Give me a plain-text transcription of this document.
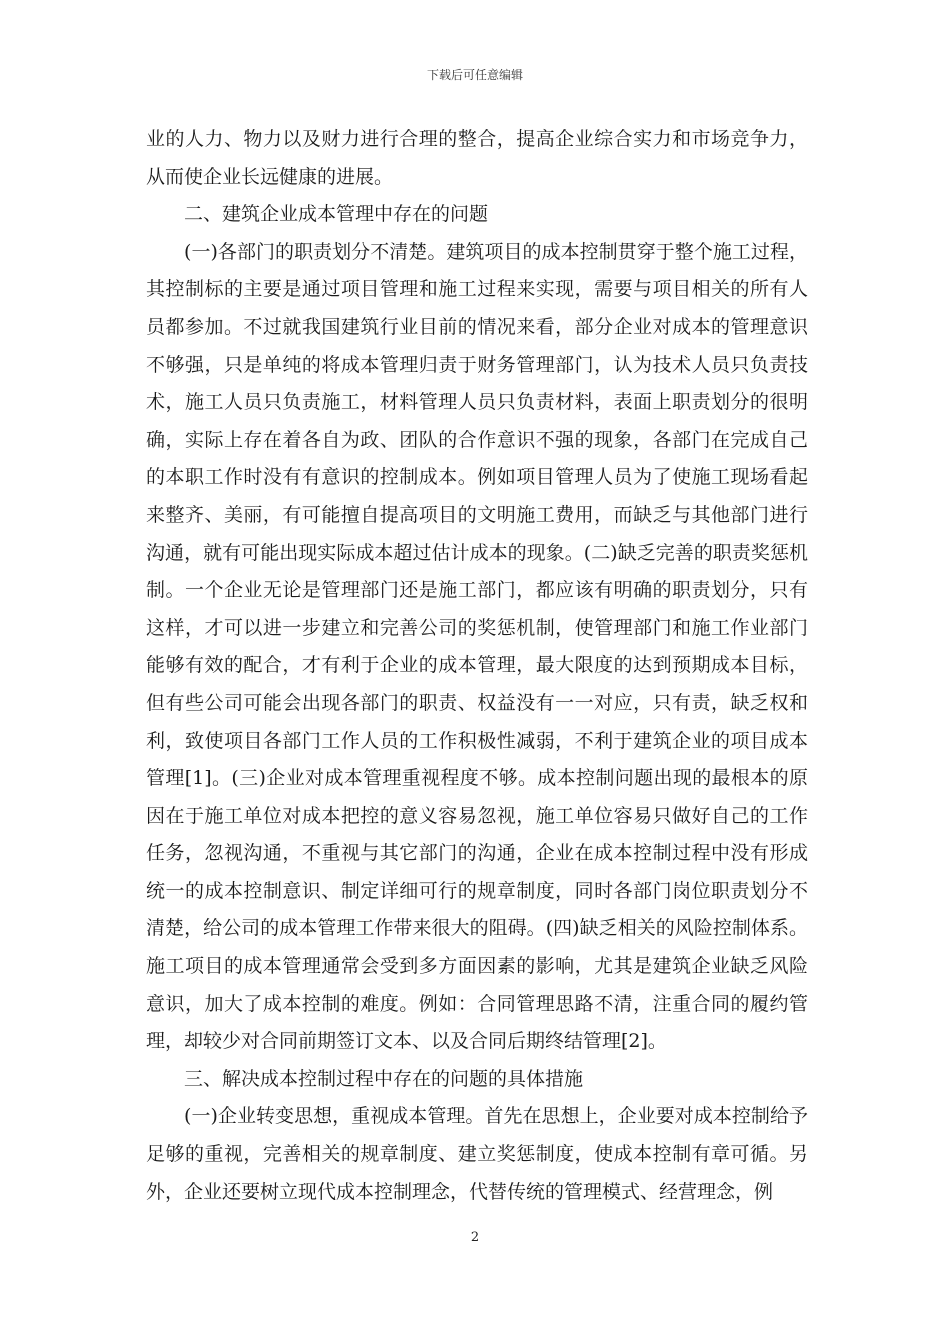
下载后可任意编辑

业的人力、物力以及财力进行合理的整合，提高企业综合实力和市场竞争力，从而使企业长远健康的进展。

二、建筑企业成本管理中存在的问题

(一)各部门的职责划分不清楚。建筑项目的成本控制贯穿于整个施工过程，其控制标的主要是通过项目管理和施工过程来实现，需要与项目相关的所有人员都参加。不过就我国建筑行业目前的情况来看，部分企业对成本的管理意识不够强，只是单纯的将成本管理归责于财务管理部门，认为技术人员只负责技术，施工人员只负责施工，材料管理人员只负责材料，表面上职责划分的很明确，实际上存在着各自为政、团队的合作意识不强的现象，各部门在完成自己的本职工作时没有有意识的控制成本。例如项目管理人员为了使施工现场看起来整齐、美丽，有可能擅自提高项目的文明施工费用，而缺乏与其他部门进行沟通，就有可能出现实际成本超过估计成本的现象。(二)缺乏完善的职责奖惩机制。一个企业无论是管理部门还是施工部门，都应该有明确的职责划分，只有这样，才可以进一步建立和完善公司的奖惩机制，使管理部门和施工作业部门能够有效的配合，才有利于企业的成本管理，最大限度的达到预期成本目标，但有些公司可能会出现各部门的职责、权益没有一一对应，只有责，缺乏权和利，致使项目各部门工作人员的工作积极性减弱，不利于建筑企业的项目成本管理[1]。(三)企业对成本管理重视程度不够。成本控制问题出现的最根本的原因在于施工单位对成本把控的意义容易忽视，施工单位容易只做好自己的工作任务，忽视沟通，不重视与其它部门的沟通，企业在成本控制过程中没有形成统一的成本控制意识、制定详细可行的规章制度，同时各部门岗位职责划分不清楚，给公司的成本管理工作带来很大的阻碍。(四)缺乏相关的风险控制体系。施工项目的成本管理通常会受到多方面因素的影响，尤其是建筑企业缺乏风险意识，加大了成本控制的难度。例如：合同管理思路不清，注重合同的履约管理，却较少对合同前期签订文本、以及合同后期终结管理[2]。

三、解决成本控制过程中存在的问题的具体措施

(一)企业转变思想，重视成本管理。首先在思想上，企业要对成本控制给予足够的重视，完善相关的规章制度、建立奖惩制度，使成本控制有章可循。另外，企业还要树立现代成本控制理念，代替传统的管理模式、经营理念，例

2
